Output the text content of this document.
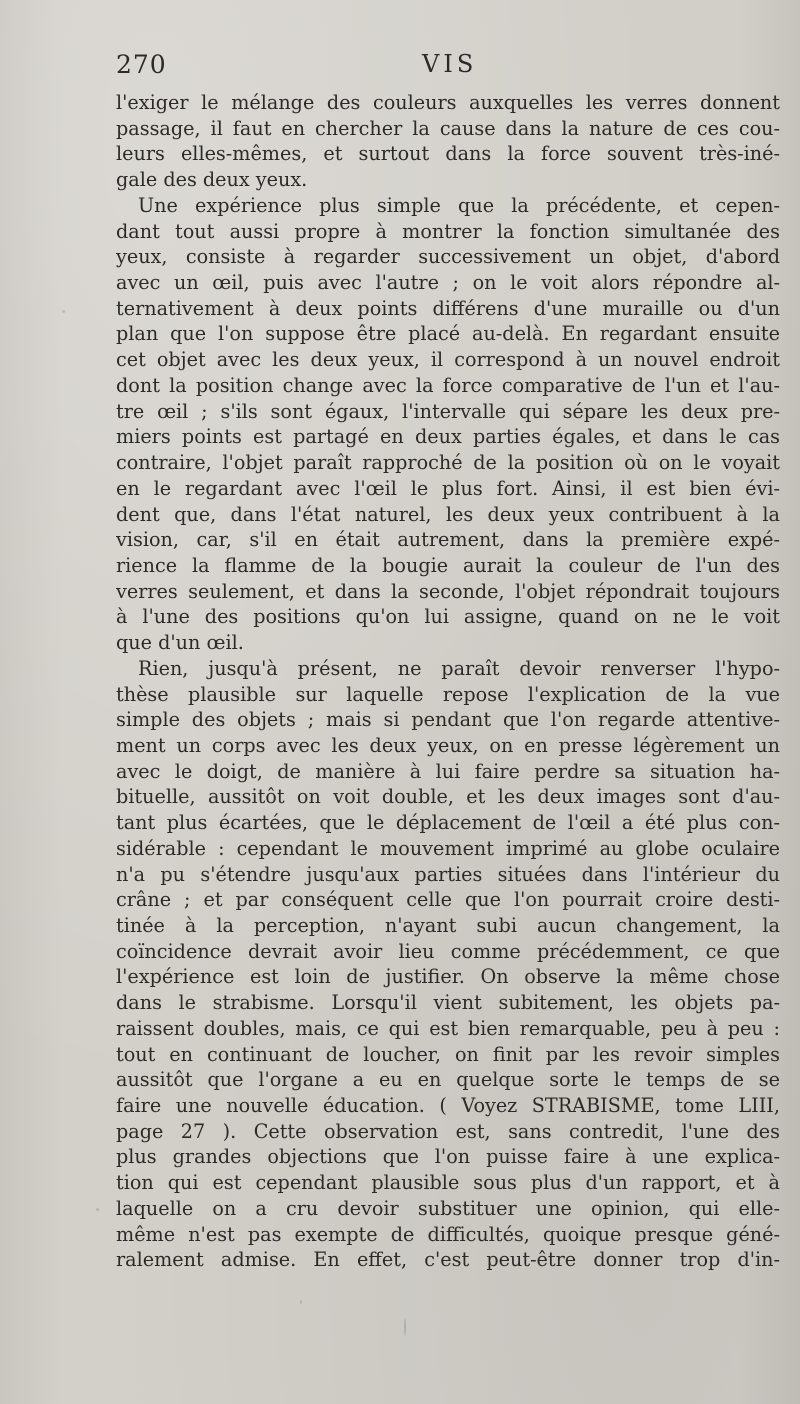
270	VIS
l'exiger le mélange des couleurs auxquelles les verres donnent
passage, il faut en chercher la cause dans la nature de ces cou-
leurs elles-mêmes, et surtout dans la force souvent très-iné-
gale des deux yeux.
Une expérience plus simple que la précédente, et cepen-
dant tout aussi propre à montrer la fonction simultanée des
yeux, consiste à regarder successivement un objet, d'abord
avec un œil, puis avec l'autre ; on le voit alors répondre al-
ternativement à deux points différens d'une muraille ou d'un
plan que l'on suppose être placé au-delà. En regardant ensuite
cet objet avec les deux yeux, il correspond à un nouvel endroit
dont la position change avec la force comparative de l'un et l'au-
tre œil ; s'ils sont égaux, l'intervalle qui sépare les deux pre-
miers points est partagé en deux parties égales, et dans le cas
contraire, l'objet paraît rapproché de la position où on le voyait
en le regardant avec l'œil le plus fort. Ainsi, il est bien évi-
dent que, dans l'état naturel, les deux yeux contribuent à la
vision, car, s'il en était autrement, dans la première expé-
rience la flamme de la bougie aurait la couleur de l'un des
verres seulement, et dans la seconde, l'objet répondrait toujours
à l'une des positions qu'on lui assigne, quand on ne le voit
que d'un œil.
Rien, jusqu'à présent, ne paraît devoir renverser l'hypo-
thèse plausible sur laquelle repose l'explication de la vue
simple des objets ; mais si pendant que l'on regarde attentive-
ment un corps avec les deux yeux, on en presse légèrement un
avec le doigt, de manière à lui faire perdre sa situation ha-
bituelle, aussitôt on voit double, et les deux images sont d'au-
tant plus écartées, que le déplacement de l'œil a été plus con-
sidérable : cependant le mouvement imprimé au globe oculaire
n'a pu s'étendre jusqu'aux parties situées dans l'intérieur du
crâne ; et par conséquent celle que l'on pourrait croire desti-
tinée à la perception, n'ayant subi aucun changement, la
coïncidence devrait avoir lieu comme précédemment, ce que
l'expérience est loin de justifier. On observe la même chose
dans le strabisme. Lorsqu'il vient subitement, les objets pa-
raissent doubles, mais, ce qui est bien remarquable, peu à peu :
tout en continuant de loucher, on finit par les revoir simples
aussitôt que l'organe a eu en quelque sorte le temps de se
faire une nouvelle éducation. ( Voyez STRABISME, tome LIII,
page 27 ). Cette observation est, sans contredit, l'une des
plus grandes objections que l'on puisse faire à une explica-
tion qui est cependant plausible sous plus d'un rapport, et à
laquelle on a cru devoir substituer une opinion, qui elle-
même n'est pas exempte de difficultés, quoique presque géné-
ralement admise. En effet, c'est peut-être donner trop d'in-
